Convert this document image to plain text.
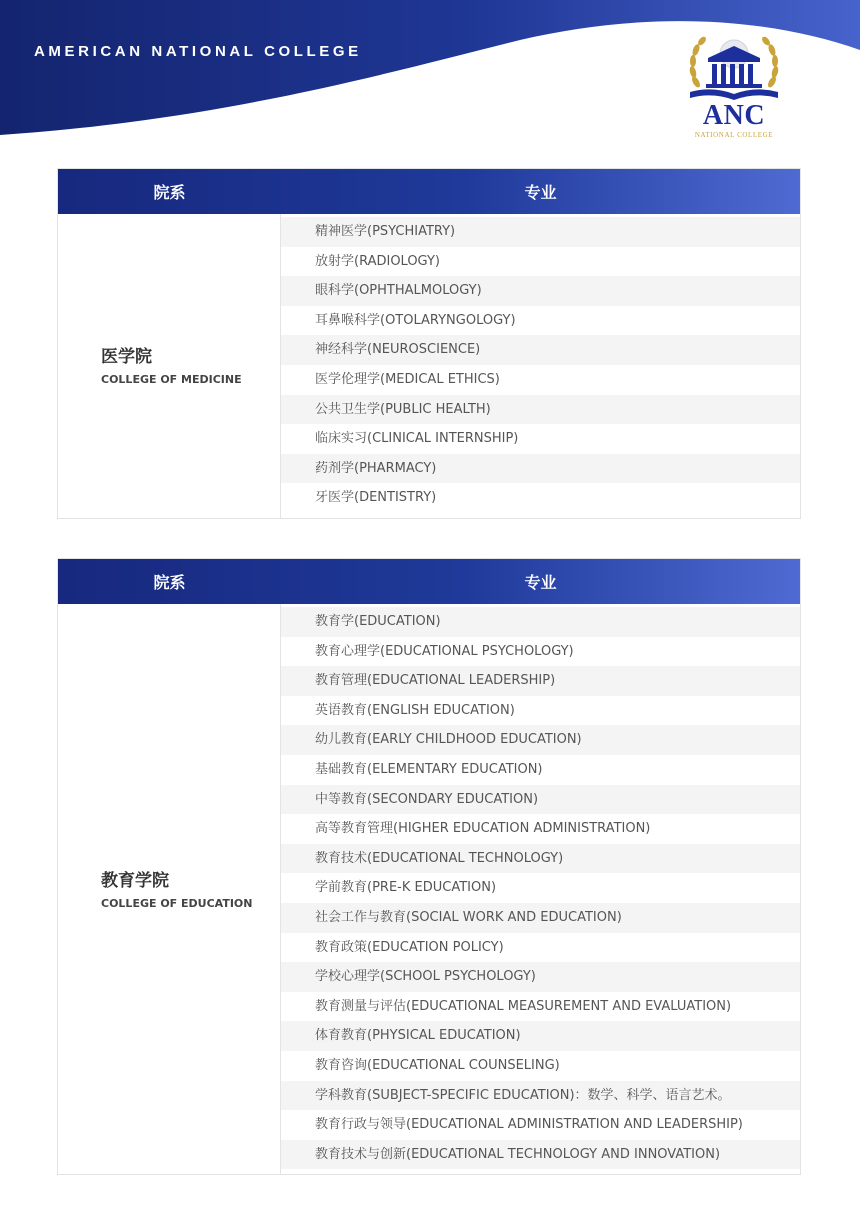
AMERICAN NATIONAL COLLEGE
ANC
NATIONAL COLLEGE
院系	专业
医学院
COLLEGE OF MEDICINE
精神医学(PSYCHIATRY)
放射学(RADIOLOGY)
眼科学(OPHTHALMOLOGY)
耳鼻喉科学(OTOLARYNGOLOGY)
神经科学(NEUROSCIENCE)
医学伦理学(MEDICAL ETHICS)
公共卫生学(PUBLIC HEALTH)
临床实习(CLINICAL INTERNSHIP)
药剂学(PHARMACY)
牙医学(DENTISTRY)
院系	专业
教育学院
COLLEGE OF EDUCATION
教育学(EDUCATION)
教育心理学(EDUCATIONAL PSYCHOLOGY)
教育管理(EDUCATIONAL LEADERSHIP)
英语教育(ENGLISH EDUCATION)
幼儿教育(EARLY CHILDHOOD EDUCATION)
基础教育(ELEMENTARY EDUCATION)
中等教育(SECONDARY EDUCATION)
高等教育管理(HIGHER EDUCATION ADMINISTRATION)
教育技术(EDUCATIONAL TECHNOLOGY)
学前教育(PRE-K EDUCATION)
社会工作与教育(SOCIAL WORK AND EDUCATION)
教育政策(EDUCATION POLICY)
学校心理学(SCHOOL PSYCHOLOGY)
教育测量与评估(EDUCATIONAL MEASUREMENT AND EVALUATION)
体育教育(PHYSICAL EDUCATION)
教育咨询(EDUCATIONAL COUNSELING)
学科教育(SUBJECT-SPECIFIC EDUCATION)：数学、科学、语言艺术。
教育行政与领导(EDUCATIONAL ADMINISTRATION AND LEADERSHIP)
教育技术与创新(EDUCATIONAL TECHNOLOGY AND INNOVATION)
